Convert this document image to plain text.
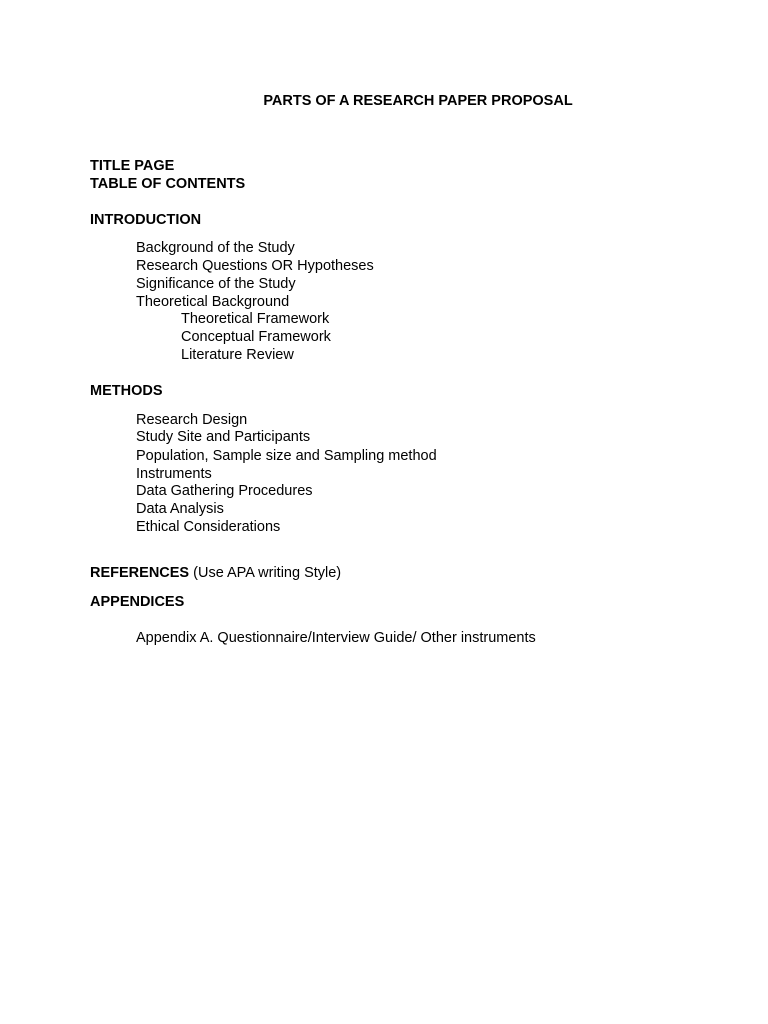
PARTS OF A RESEARCH PAPER PROPOSAL
TITLE PAGE
TABLE OF CONTENTS
INTRODUCTION
Background of the Study
Research Questions OR Hypotheses
Significance of the Study
Theoretical Background
Theoretical Framework
Conceptual Framework
Literature Review
METHODS
Research Design
Study Site and Participants
Population, Sample size and Sampling method
Instruments
Data Gathering Procedures
Data Analysis
Ethical Considerations
REFERENCES (Use APA writing Style)
APPENDICES
Appendix A. Questionnaire/Interview Guide/ Other instruments
